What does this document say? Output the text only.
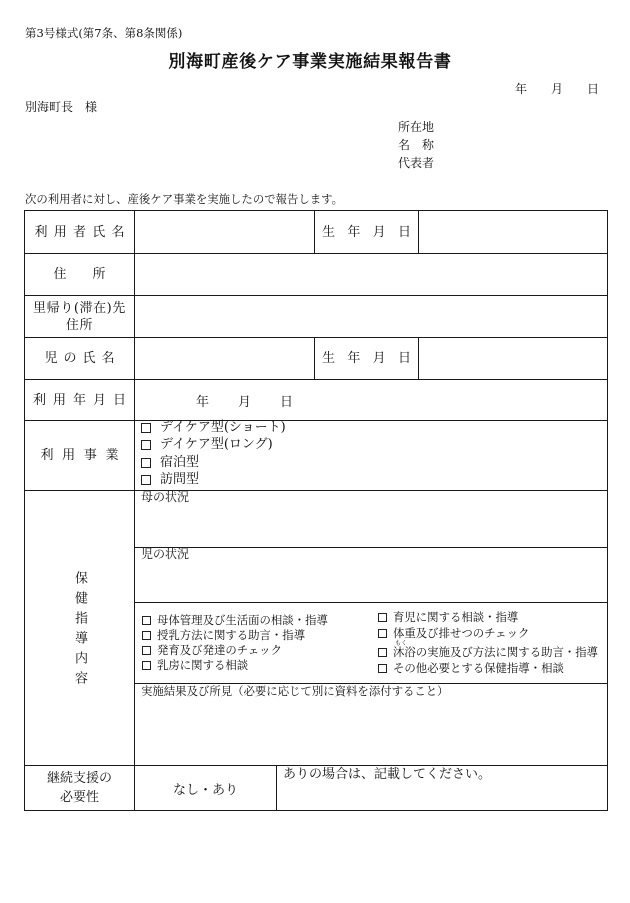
第3号様式(第7条、第8条関係)
別海町産後ケア事業実施結果報告書
年　　月　　日
別海町長　様
所在地
名　称
代表者
次の利用者に対し、産後ケア事業を実施したので報告します。
利 用 者 氏 名	生 年 月 日
住　　所
里帰り(滞在)先
住所
児 の 氏 名	生 年 月 日
利 用 年 月 日	年　　月　　日
利 用 事 業
デイケア型(ショート)
デイケア型(ロング)
宿泊型
訪問型
保健指導内容
母の状況
児の状況
母体管理及び生活面の相談・指導
授乳方法に関する助言・指導
発育及び発達のチェック
乳房に関する相談
育児に関する相談・指導
体重及び排せつのチェック
もく
沐浴の実施及び方法に関する助言・指導
その他必要とする保健指導・相談
実施結果及び所見（必要に応じて別に資料を添付すること）
継続支援の
必要性	なし・あり
ありの場合は、記載してください。
